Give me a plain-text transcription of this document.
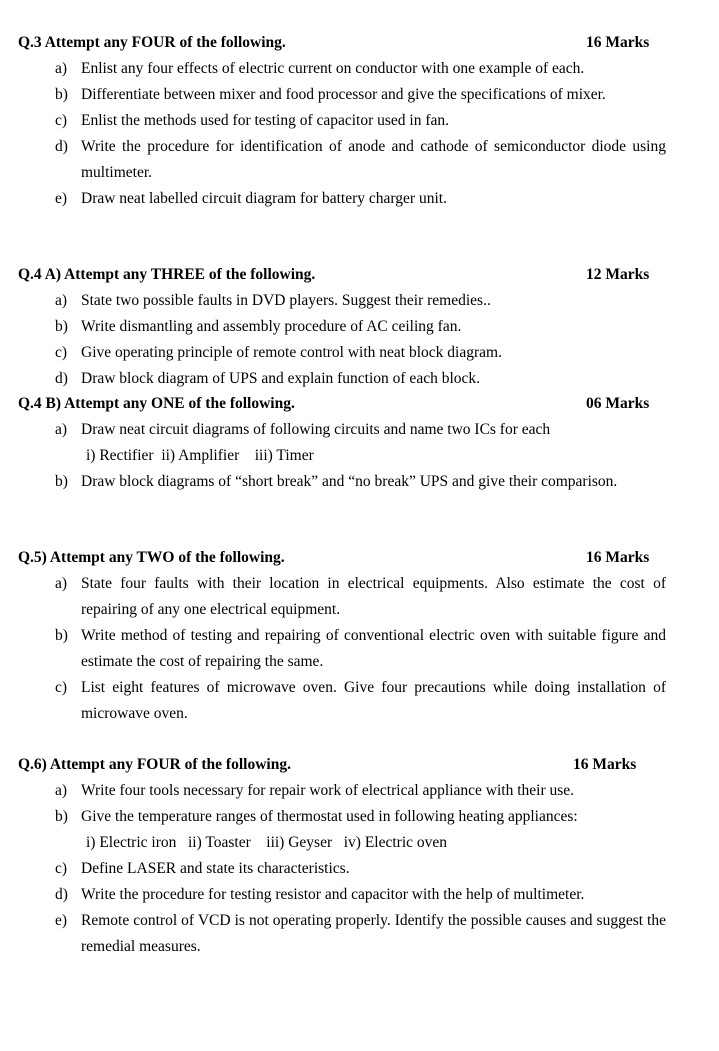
Q.3 Attempt any FOUR of the following.	16 Marks
a) Enlist any four effects of electric current on conductor with one example of each.
b) Differentiate between mixer and food processor and give the specifications of mixer.
c) Enlist the methods used for testing of capacitor used in fan.
d) Write the procedure for identification of anode and cathode of semiconductor diode using multimeter.
e) Draw neat labelled circuit diagram for battery charger unit.
Q.4 A) Attempt any THREE of the following.	12 Marks
a) State two possible faults in DVD players. Suggest their remedies..
b) Write dismantling and assembly procedure of AC ceiling fan.
c) Give operating principle of remote control with neat block diagram.
d) Draw block diagram of UPS and explain function of each block.
Q.4 B) Attempt any ONE of the following.	06 Marks
a) Draw neat circuit diagrams of following circuits and name two ICs for each
i) Rectifier  ii) Amplifier    iii) Timer
b) Draw block diagrams of “short break” and “no break” UPS and give their comparison.
Q.5) Attempt any TWO of the following.	16 Marks
a) State four faults with their location in electrical equipments. Also estimate the cost of repairing of any one electrical equipment.
b) Write method of testing and repairing of conventional electric oven with suitable figure and estimate the cost of repairing the same.
c) List eight features of microwave oven. Give four precautions while doing installation of microwave oven.
Q.6) Attempt any FOUR of the following.	16 Marks
a) Write four tools necessary for repair work of electrical appliance with their use.
b) Give the temperature ranges of thermostat used in following heating appliances:
i) Electric iron   ii) Toaster    iii) Geyser   iv) Electric oven
c) Define LASER and state its characteristics.
d) Write the procedure for testing resistor and capacitor with the help of multimeter.
e) Remote control of VCD is not operating properly. Identify the possible causes and suggest the remedial measures.
